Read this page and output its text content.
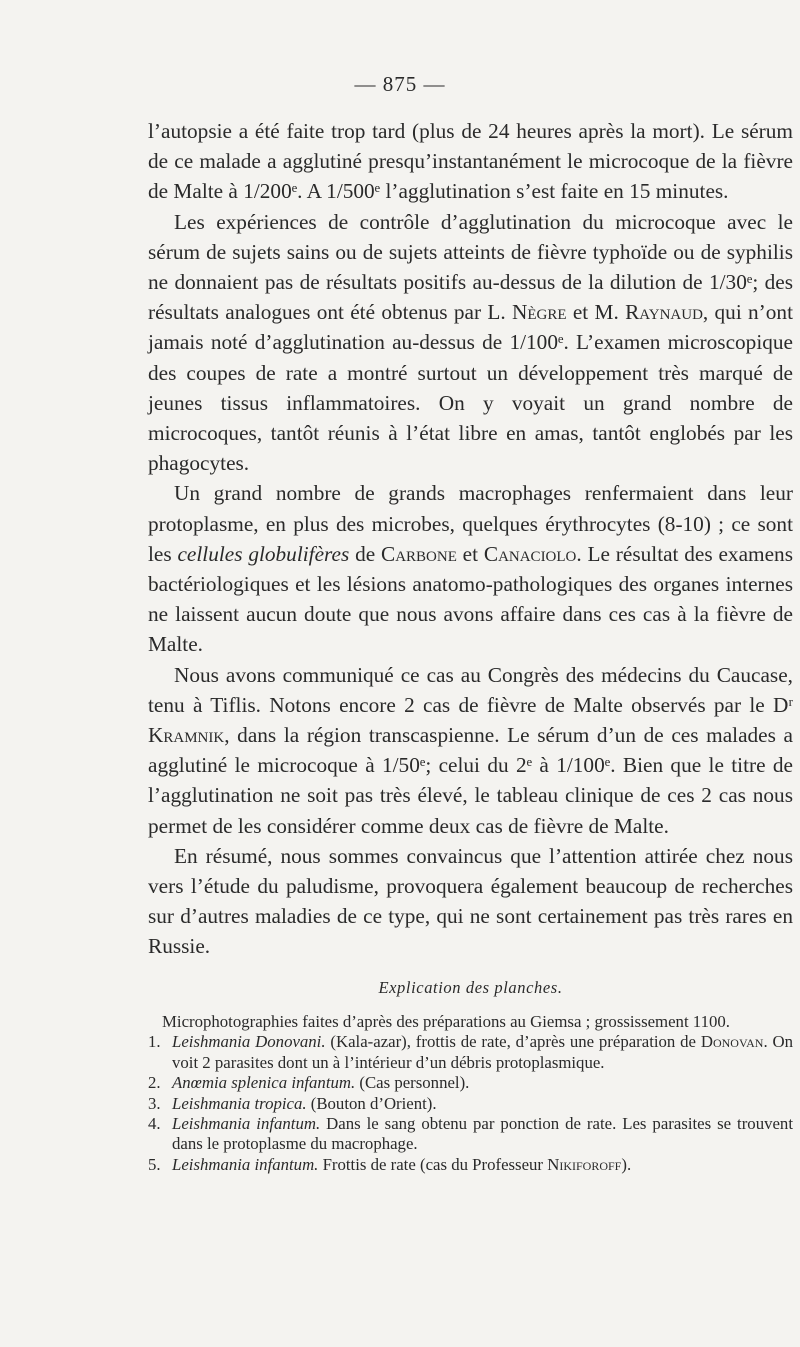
— 875 —

l’autopsie a été faite trop tard (plus de 24 heures après la mort). Le sérum de ce malade a agglutiné presqu’instantanément le microcoque de la fièvre de Malte à 1/200ᵉ. A 1/500ᵉ l’agglutination s’est faite en 15 minutes.

Les expériences de contrôle d’agglutination du microcoque avec le sérum de sujets sains ou de sujets atteints de fièvre typhoïde ou de syphilis ne donnaient pas de résultats positifs au-dessus de la dilution de 1/30ᵉ; des résultats analogues ont été obtenus par L. Nègre et M. Raynaud, qui n’ont jamais noté d’agglutination au-dessus de 1/100ᵉ. L’examen microscopique des coupes de rate a montré surtout un développement très marqué de jeunes tissus inflammatoires. On y voyait un grand nombre de microcoques, tantôt réunis à l’état libre en amas, tantôt englobés par les phagocytes.

Un grand nombre de grands macrophages renfermaient dans leur protoplasme, en plus des microbes, quelques érythrocytes (8-10) ; ce sont les cellules globulifères de Carbone et Canaciolo. Le résultat des examens bactériologiques et les lésions anatomo-pathologiques des organes internes ne laissent aucun doute que nous avons affaire dans ces cas à la fièvre de Malte.

Nous avons communiqué ce cas au Congrès des médecins du Caucase, tenu à Tiflis. Notons encore 2 cas de fièvre de Malte observés par le Dʳ Kramnik, dans la région transcaspienne. Le sérum d’un de ces malades a agglutiné le microcoque à 1/50ᵉ; celui du 2ᵉ à 1/100ᵉ. Bien que le titre de l’agglutination ne soit pas très élevé, le tableau clinique de ces 2 cas nous permet de les considérer comme deux cas de fièvre de Malte.

En résumé, nous sommes convaincus que l’attention attirée chez nous vers l’étude du paludisme, provoquera également beaucoup de recherches sur d’autres maladies de ce type, qui ne sont certainement pas très rares en Russie.

Explication des planches.

Microphotographies faites d’après des préparations au Giemsa ; grossissement 1100.

1. Leishmania Donovani. (Kala-azar), frottis de rate, d’après une préparation de Donovan. On voit 2 parasites dont un à l’intérieur d’un débris protoplasmique.
2. Anœmia splenica infantum. (Cas personnel).
3. Leishmania tropica. (Bouton d’Orient).
4. Leishmania infantum. Dans le sang obtenu par ponction de rate. Les parasites se trouvent dans le protoplasme du macrophage.
5. Leishmania infantum. Frottis de rate (cas du Professeur Nikiforoff).
